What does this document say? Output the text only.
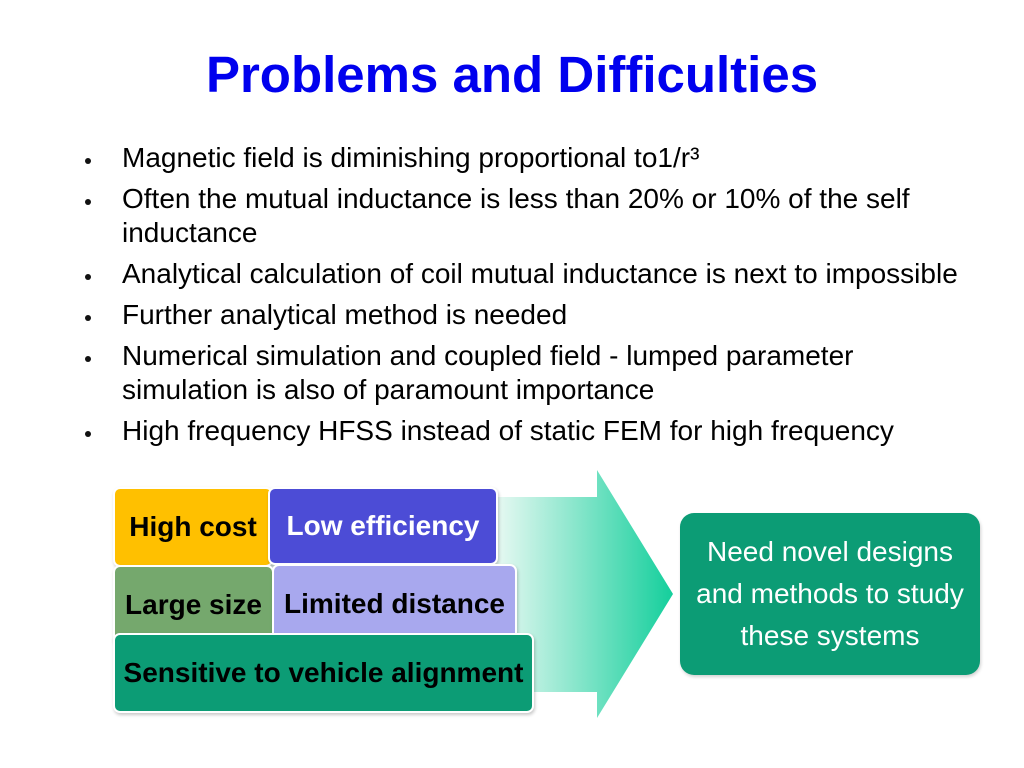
Problems and Difficulties
Magnetic field is diminishing proportional to1/r³
Often the mutual inductance is less than 20% or 10% of the self inductance
Analytical calculation of coil mutual inductance is next to impossible
Further analytical method is needed
Numerical simulation and coupled field - lumped parameter simulation is also of paramount importance
High frequency HFSS instead of static FEM for high frequency
High cost Low efficiency
Large size Limited distance
Sensitive to vehicle alignment
Need novel designs and methods to study these systems
